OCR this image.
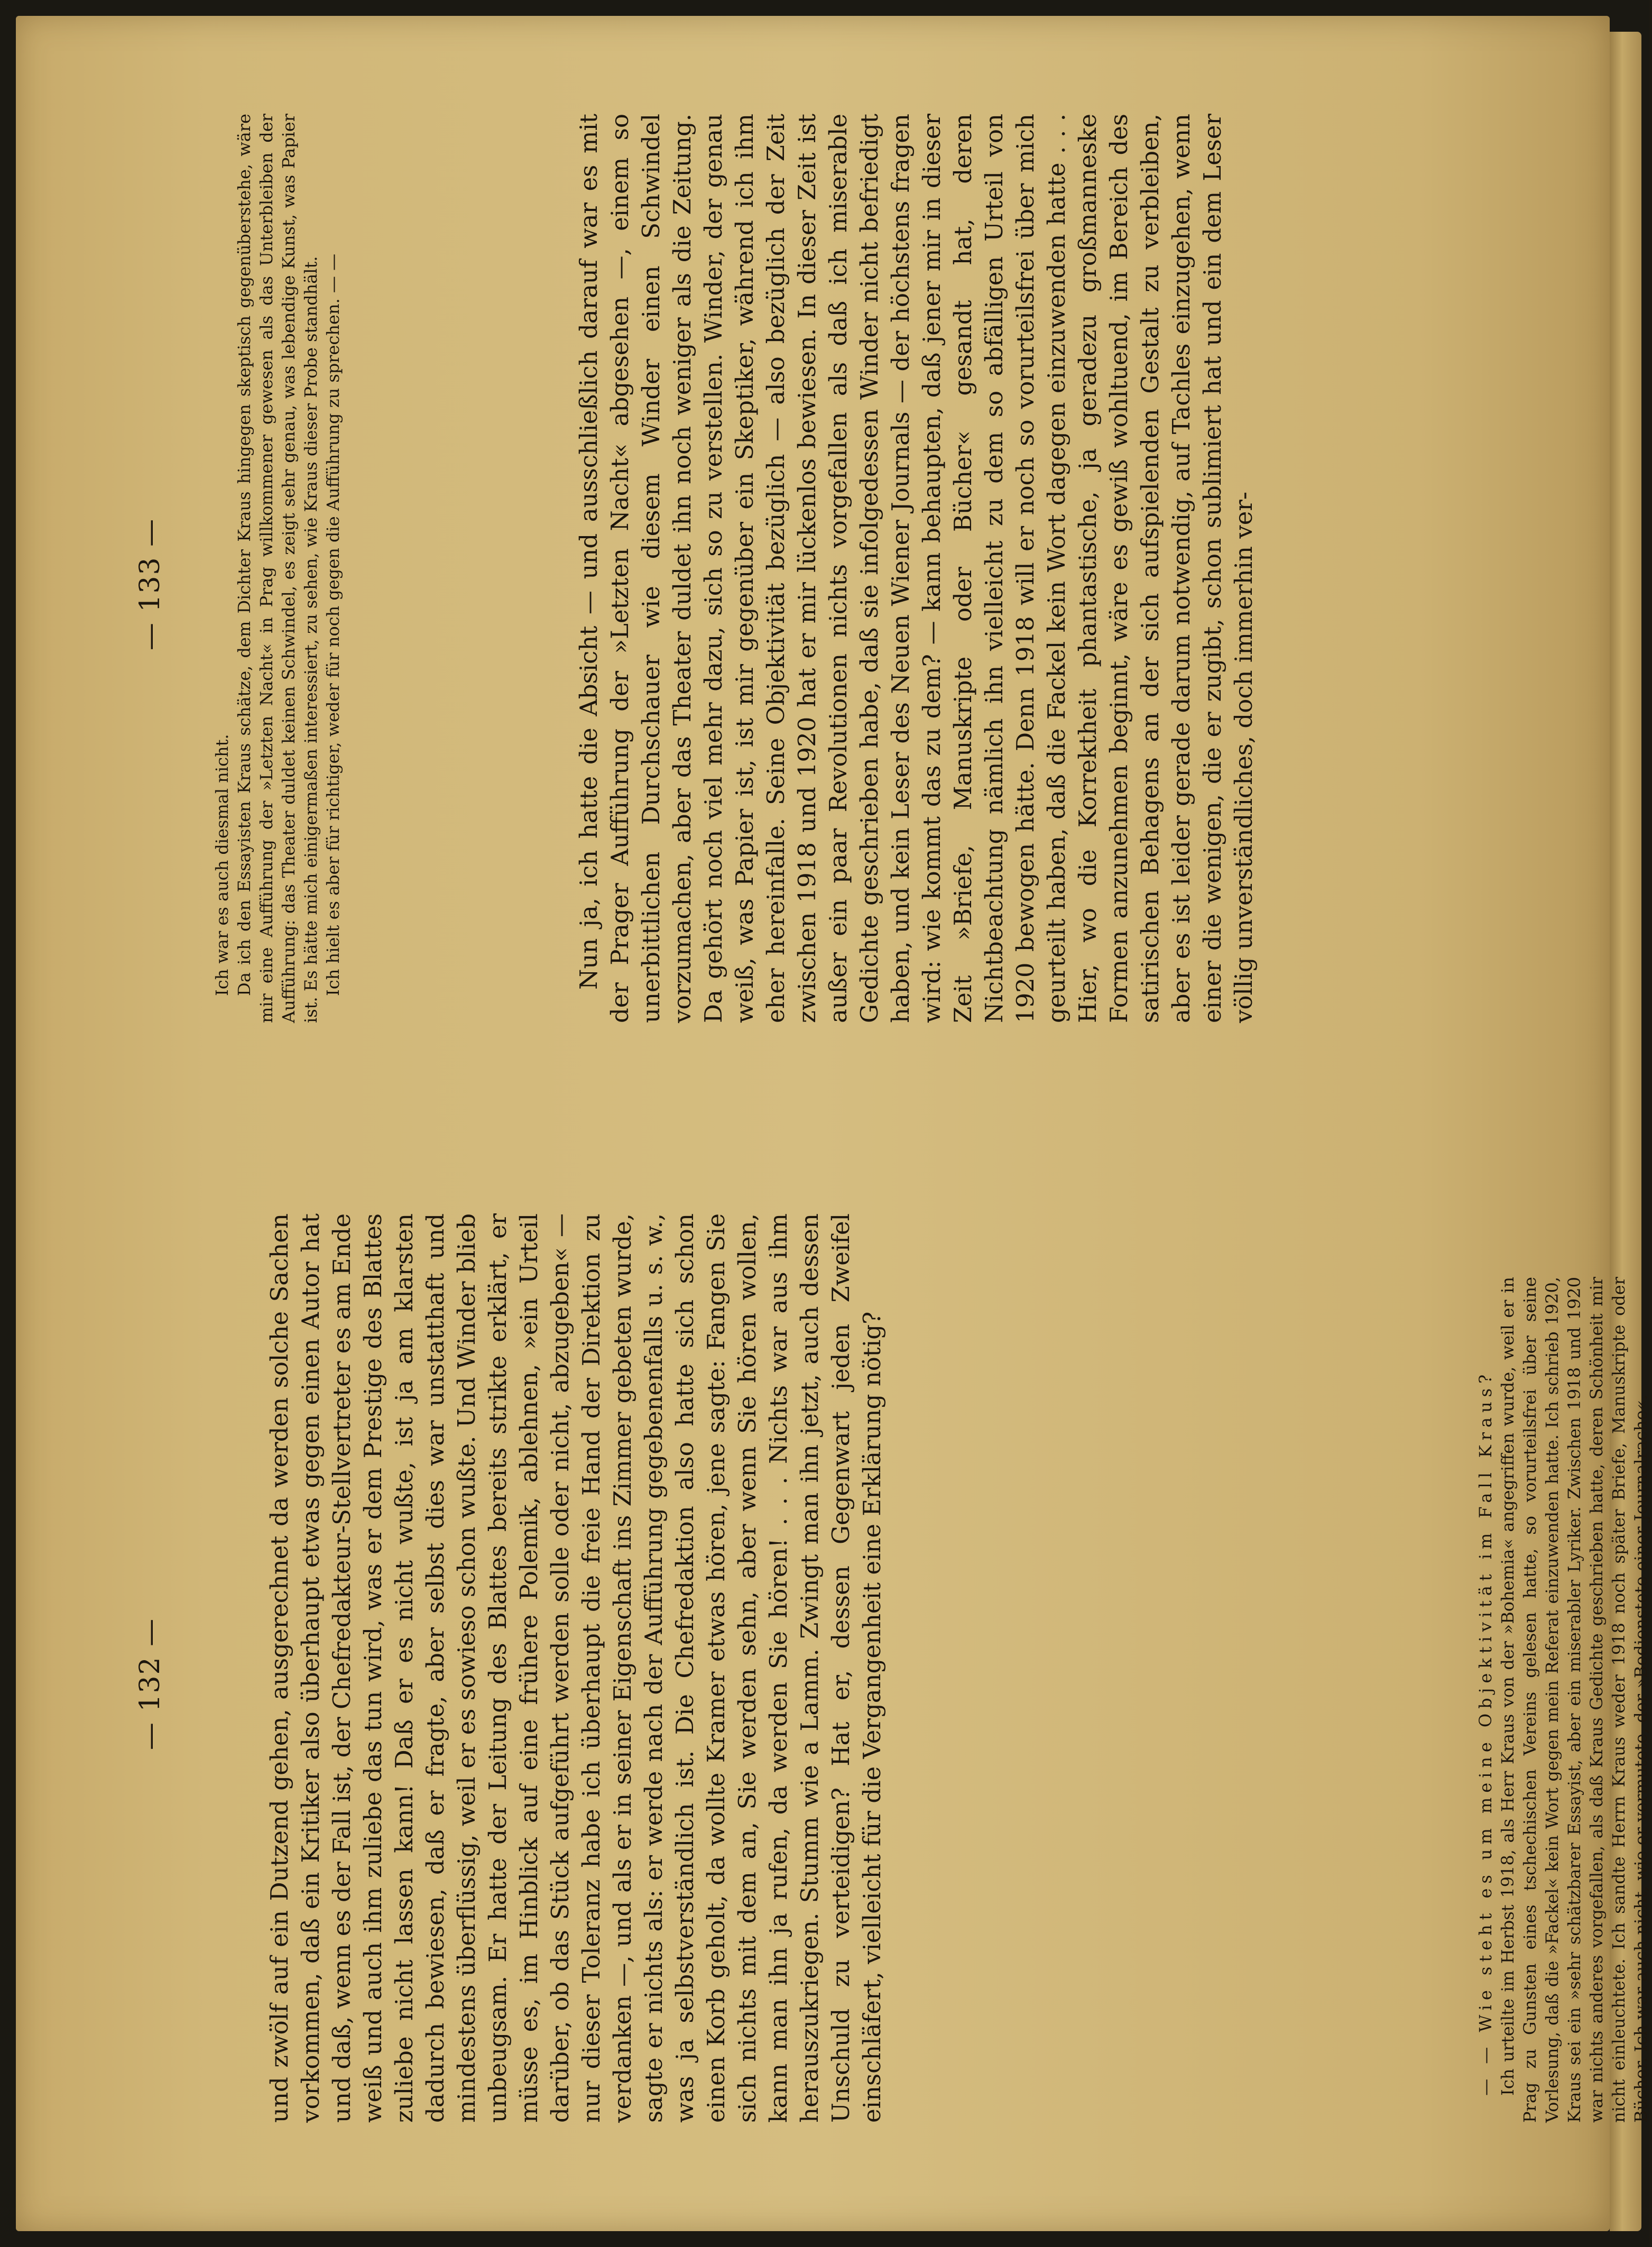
— 132 —	und zwölf auf ein Dutzend gehen, ausgerechnet da werden solche Sachen vorkommen, daß ein Kritiker also überhaupt etwas gegen einen Autor hat und daß, wenn es der Fall ist, der Chefredakteur-Stellvertreter es am Ende weiß und auch ihm zuliebe das tun wird, was er dem Prestige des Blattes zuliebe nicht lassen kann! Daß er es nicht wußte, ist ja am klarsten dadurch bewiesen, daß er fragte, aber selbst dies war unstatthaft und mindestens überflüssig, weil er es sowieso schon wußte. Und Winder blieb unbeugsam. Er hatte der Leitung des Blattes bereits strikte erklärt, er müsse es, im Hinblick auf eine frühere Polemik, ablehnen, »ein Urteil darüber, ob das Stück aufgeführt werden solle oder nicht, abzugeben« — nur dieser Toleranz habe ich überhaupt die freie Hand der Direktion zu verdanken —, und als er in seiner Eigenschaft ins Zimmer gebeten wurde, sagte er nichts als: er werde nach der Aufführung gegebenenfalls u. s. w., was ja selbstverständlich ist. Die Chefredaktion also hatte sich schon einen Korb geholt, da wollte Kramer etwas hören, jene sagte: Fangen Sie sich nichts mit dem an, Sie werden sehn, aber wenn Sie hören wollen, kann man ihn ja rufen, da werden Sie hören! . . . Nichts war aus ihm herauszukriegen. Stumm wie a Lamm. Zwingt man ihn jetzt, auch dessen Unschuld zu verteidigen? Hat er, dessen Gegenwart jeden Zweifel einschläfert, vielleicht für die Vergangenheit eine Erklärung nötig?	— — Wie steht es um meine Objektivität im Fall Kraus? Ich urteilte im Herbst 1918, als Herr Kraus von der »Bohemia« angegriffen wurde, weil er in Prag zu Gunsten eines tschechischen Vereins gelesen hatte, so vorurteilsfrei über seine Vorlesung, daß die »Fackel« kein Wort gegen mein Referat einzuwenden hatte. Ich schrieb 1920, Kraus sei ein »sehr schätzbarer Essayist, aber ein miserabler Lyriker. Zwischen 1918 und 1920 war nichts anderes vorgefallen, als daß Kraus Gedichte geschrieben hatte, deren Schönheit mir nicht einleuchtete. Ich sandte Herrn Kraus weder 1918 noch später Briefe, Manuskripte oder Bücher. Ich war auch nicht, wie er vermutete, der »Bedienstete einer Journalrache«.

— 133 —

Ich war es auch diesmal nicht. Da ich den Essayisten Kraus schätze, dem Dichter Kraus hingegen skeptisch gegenüberstehe, wäre mir eine Aufführung der »Letzten Nacht« in Prag willkommener gewesen als das Unterbleiben der Aufführung: das Theater duldet keinen Schwindel, es zeigt sehr genau, was lebendige Kunst, was Papier ist. Es hätte mich einigermaßen interessiert, zu sehen, wie Kraus dieser Probe standhält. Ich hielt es aber für richtiger, weder für noch gegen die Aufführung zu sprechen. — —	Nun ja, ich hatte die Absicht — und ausschließlich darauf war es mit der Prager Aufführung der »Letzten Nacht« abgesehen —, einem so unerbittlichen Durchschauer wie diesem Winder einen Schwindel vorzumachen, aber das Theater duldet ihn noch weniger als die Zeitung. Da gehört noch viel mehr dazu, sich so zu verstellen. Winder, der genau weiß, was Papier ist, ist mir gegenüber ein Skeptiker, während ich ihm eher hereinfalle. Seine Objektivität bezüglich — also bezüglich der Zeit zwischen 1918 und 1920 hat er mir lückenlos bewiesen. In dieser Zeit ist außer ein paar Revolutionen nichts vorgefallen als daß ich miserable Gedichte geschrieben habe, daß sie infolgedessen Winder nicht befriedigt haben, und kein Leser des Neuen Wiener Journals — der höchstens fragen wird: wie kommt das zu dem? — kann behaupten, daß jener mir in dieser Zeit »Briefe, Manuskripte oder Bücher« gesandt hat, deren Nichtbeachtung nämlich ihn vielleicht zu dem so abfälligen Urteil von 1920 bewogen hätte. Denn 1918 will er noch so vorurteilsfrei über mich geurteilt haben, daß die Fackel kein Wort dagegen einzuwenden hatte . . . Hier, wo die Korrektheit phantastische, ja geradezu großmanneske Formen anzunehmen beginnt, wäre es gewiß wohltuend, im Bereich des satirischen Behagens an der sich aufspielenden Gestalt zu verbleiben, aber es ist leider gerade darum notwendig, auf Tachles einzugehen, wenn einer die wenigen, die er zugibt, schon sublimiert hat und ein dem Leser völlig unverständliches, doch immerhin ver-
